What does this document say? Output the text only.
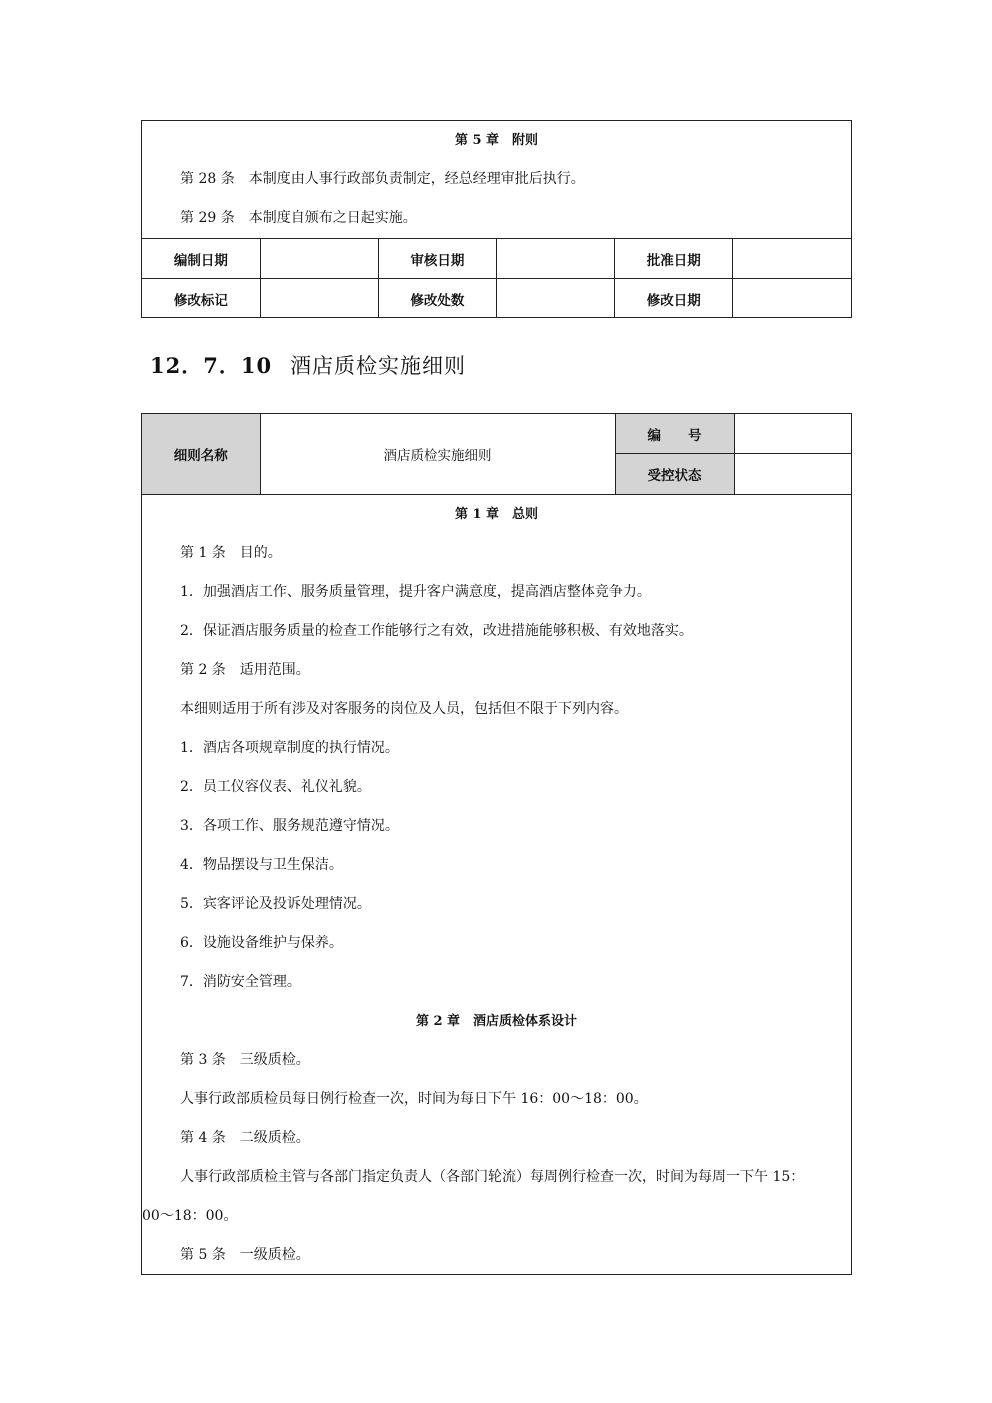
第 5 章　附则
第 28 条　本制度由人事行政部负责制定，经总经理审批后执行。
第 29 条　本制度自颁布之日起实施。
编制日期		审核日期		批准日期	
修改标记		修改处数		修改日期	
12．7．10 酒店质检实施细则
细则名称	酒店质检实施细则	编　　号	
		受控状态	
第 1 章　总则
第 1 条　目的。
1．加强酒店工作、服务质量管理，提升客户满意度，提高酒店整体竞争力。
2．保证酒店服务质量的检查工作能够行之有效，改进措施能够积极、有效地落实。
第 2 条　适用范围。
本细则适用于所有涉及对客服务的岗位及人员，包括但不限于下列内容。
1．酒店各项规章制度的执行情况。
2．员工仪容仪表、礼仪礼貌。
3．各项工作、服务规范遵守情况。
4．物品摆设与卫生保洁。
5．宾客评论及投诉处理情况。
6．设施设备维护与保养。
7．消防安全管理。
第 2 章　酒店质检体系设计
第 3 条　三级质检。
人事行政部质检员每日例行检查一次，时间为每日下午 16：00～18：00。
第 4 条　二级质检。
人事行政部质检主管与各部门指定负责人（各部门轮流）每周例行检查一次，时间为每周一下午 15：
00～18：00。
第 5 条　一级质检。
